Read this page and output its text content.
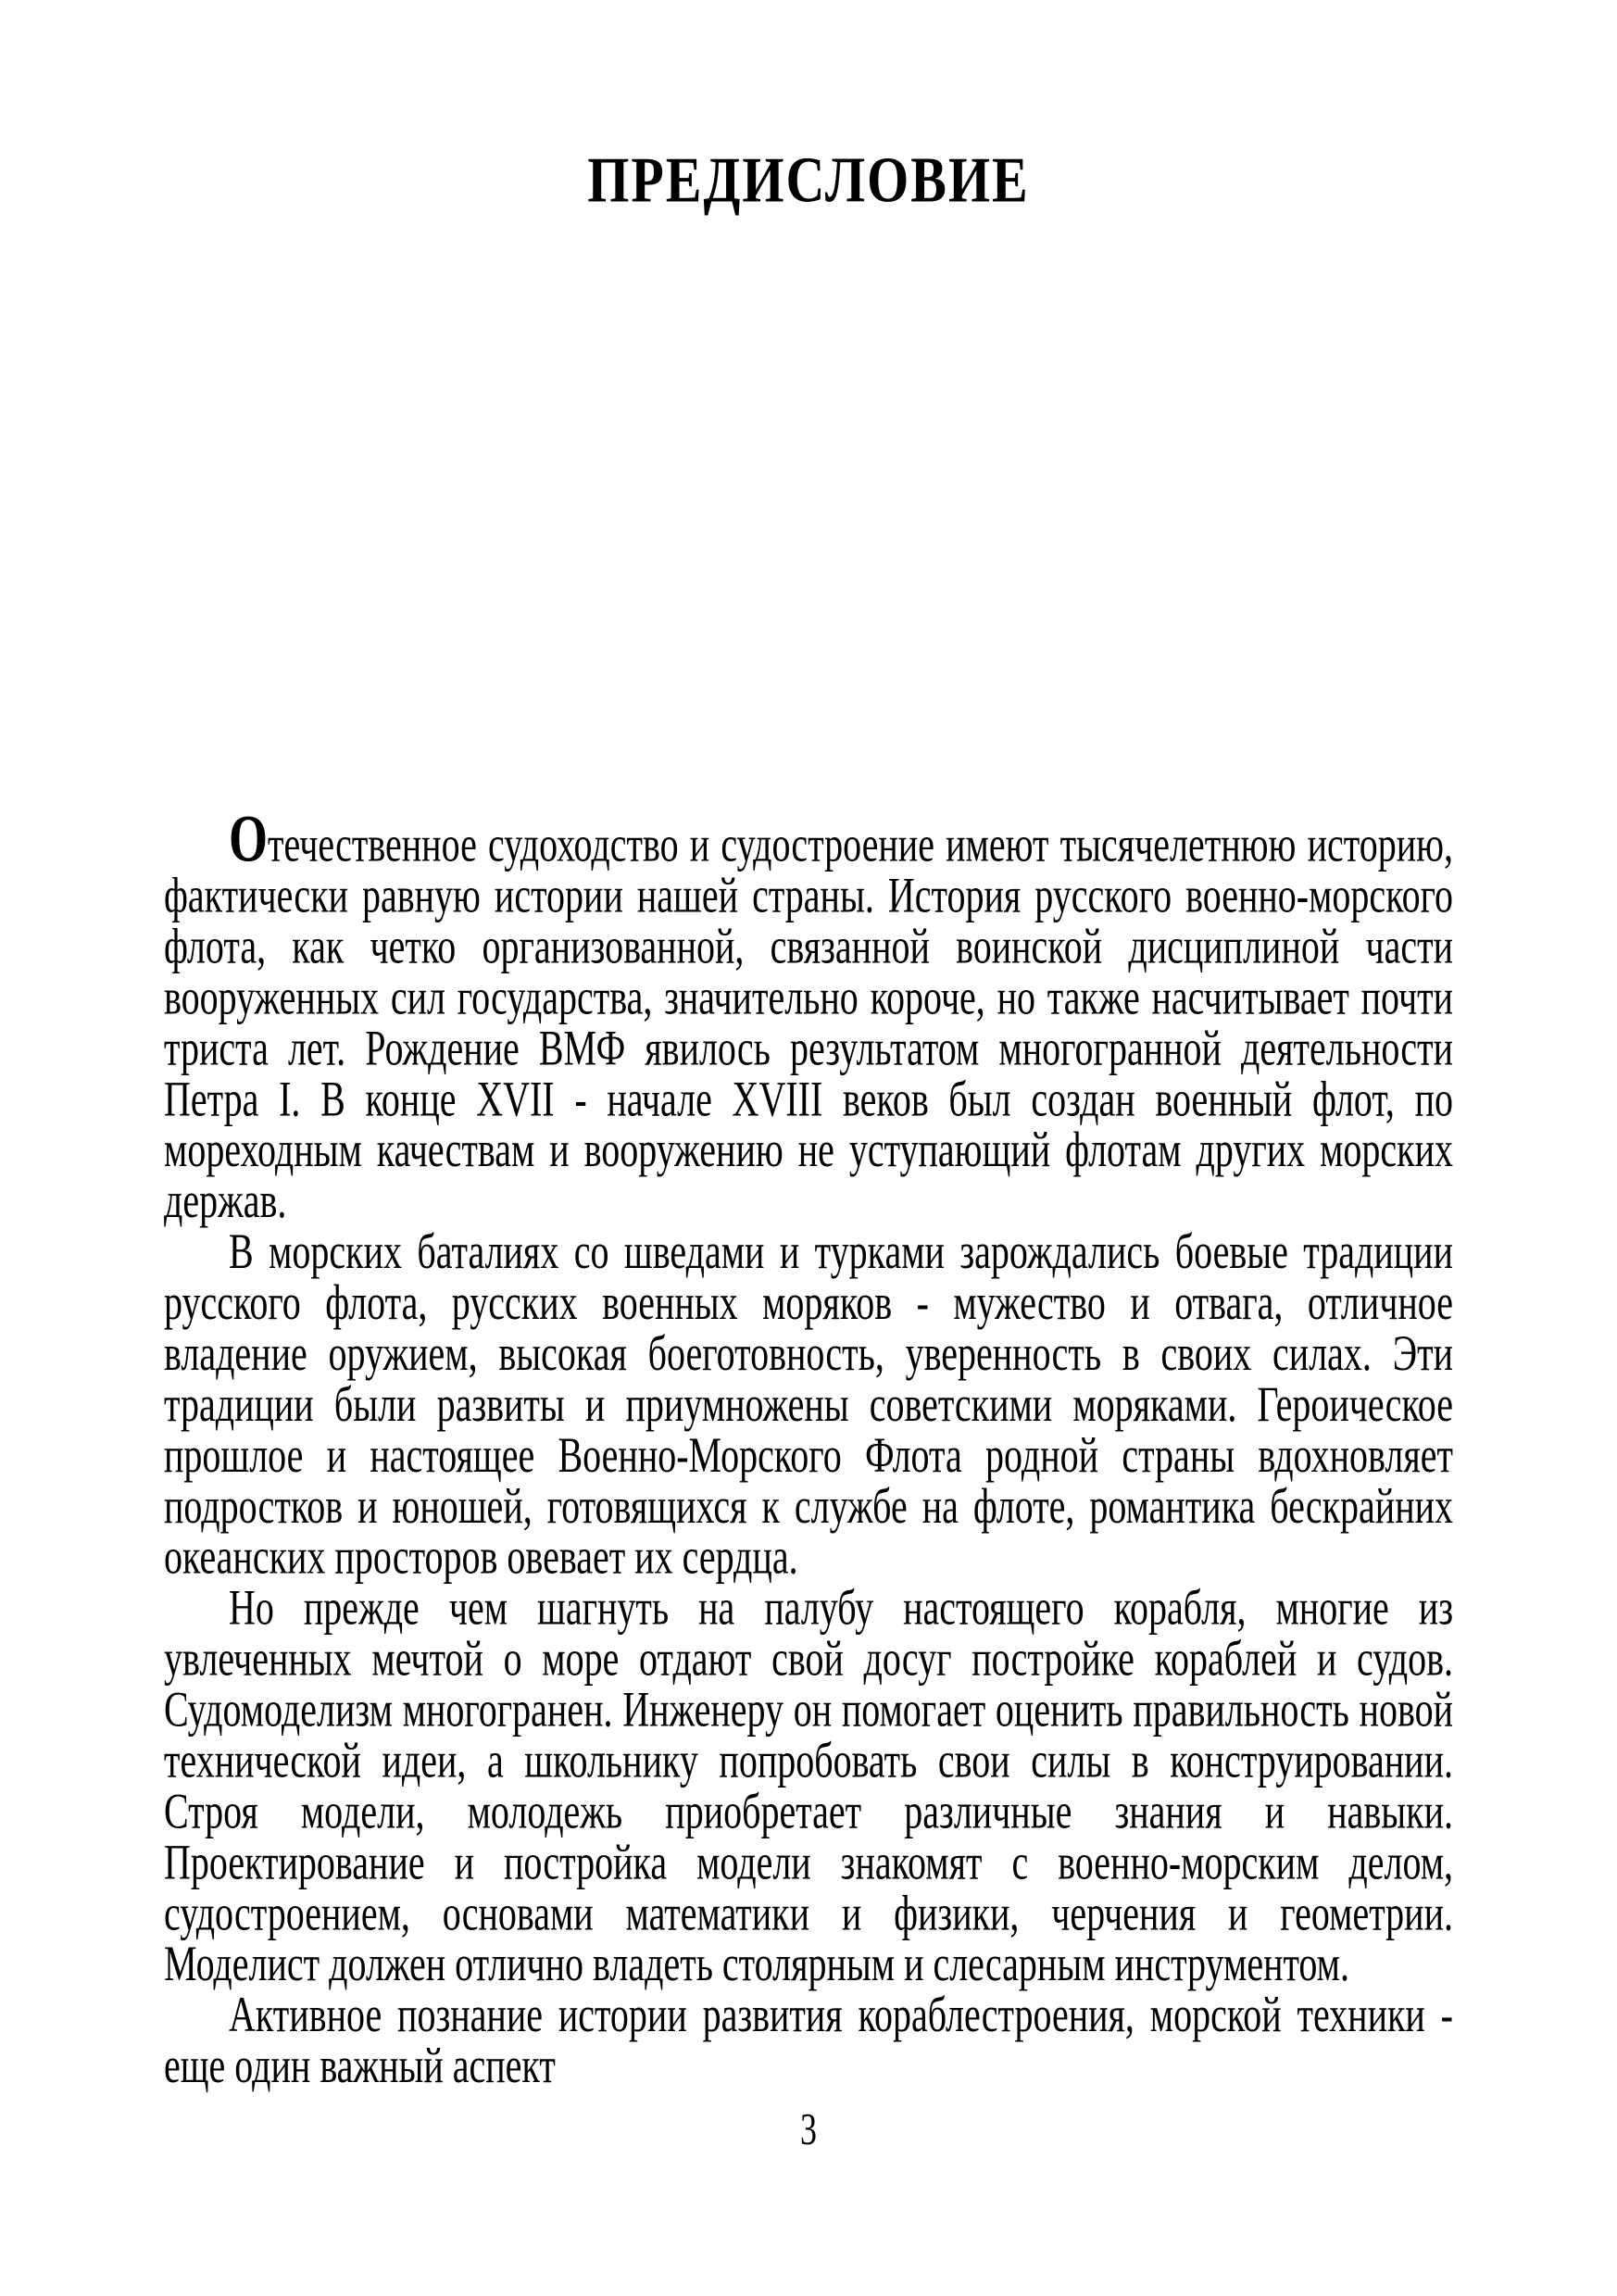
ПРЕДИСЛОВИЕ

Отечественное судоходство и судостроение имеют тысячелетнюю историю, фактически равную истории нашей страны. История русского военно-морского флота, как четко организованной, связанной воинской дисциплиной части вооруженных сил государства, значительно короче, но также насчитывает почти триста лет. Рождение ВМФ явилось результатом многогранной деятельности Петра I. В конце XVII - начале XVIII веков был создан военный флот, по мореходным качествам и вооружению не уступающий флотам других морских держав.

В морских баталиях со шведами и турками зарождались боевые традиции русского флота, русских военных моряков - мужество и отвага, отличное владение оружием, высокая боеготовность, уверенность в своих силах. Эти традиции были развиты и приумножены советскими моряками. Героическое прошлое и настоящее Военно-Морского Флота родной страны вдохновляет подростков и юношей, готовящихся к службе на флоте, романтика бескрайних океанских просторов овевает их сердца.

Но прежде чем шагнуть на палубу настоящего корабля, многие из увлеченных мечтой о море отдают свой досуг постройке кораблей и судов. Судомоделизм многогранен. Инженеру он помогает оценить правильность новой технической идеи, а школьнику попробовать свои силы в конструировании. Строя модели, молодежь приобретает различные знания и навыки. Проектирование и постройка модели знакомят с военно-морским делом, судостроением, основами математики и физики, черчения и геометрии. Моделист должен отлично владеть столярным и слесарным инструментом.

Активное познание истории развития кораблестроения, морской техники - еще один важный аспект

3
